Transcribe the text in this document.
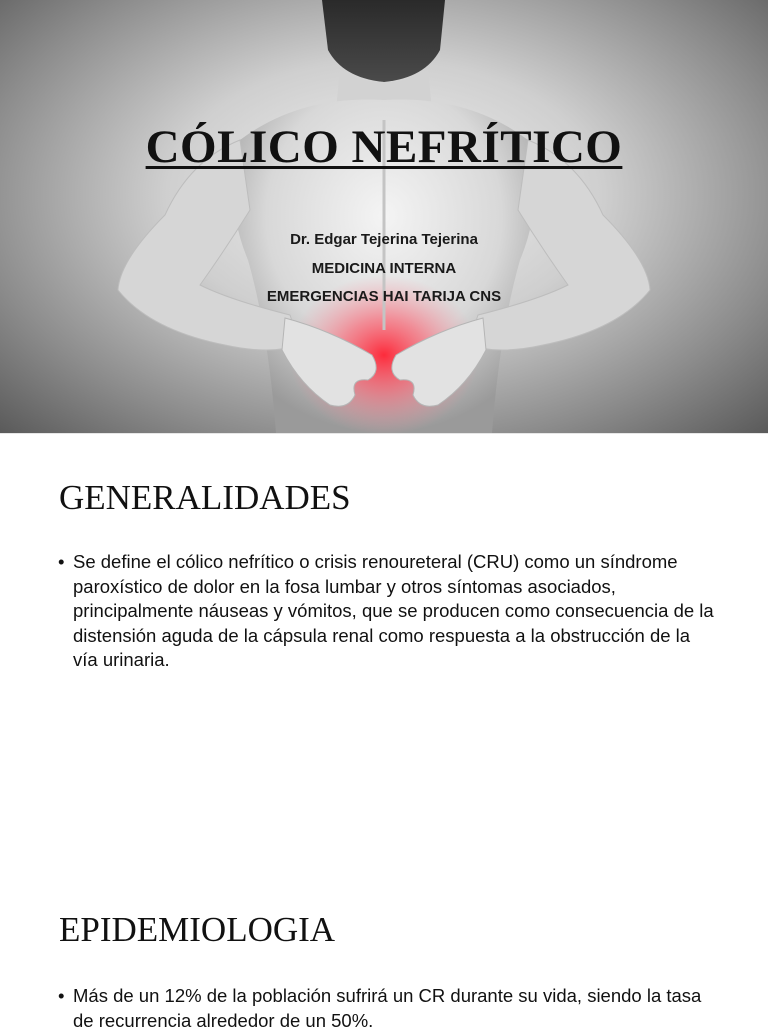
CÓLICO NEFRÍTICO

Dr. Edgar Tejerina Tejerina

MEDICINA INTERNA

EMERGENCIAS HAI TARIJA CNS

GENERALIDADES
• Se define el cólico nefrítico o crisis renoureteral (CRU) como un síndrome paroxístico de dolor en la fosa lumbar y otros síntomas asociados, principalmente náuseas y vómitos, que se producen como consecuencia de la distensión aguda de la cápsula renal como respuesta a la obstrucción de la vía urinaria.
EPIDEMIOLOGIA
• Más de un 12% de la población sufrirá un CR durante su vida, siendo la tasa de recurrencia alrededor de un 50%.
